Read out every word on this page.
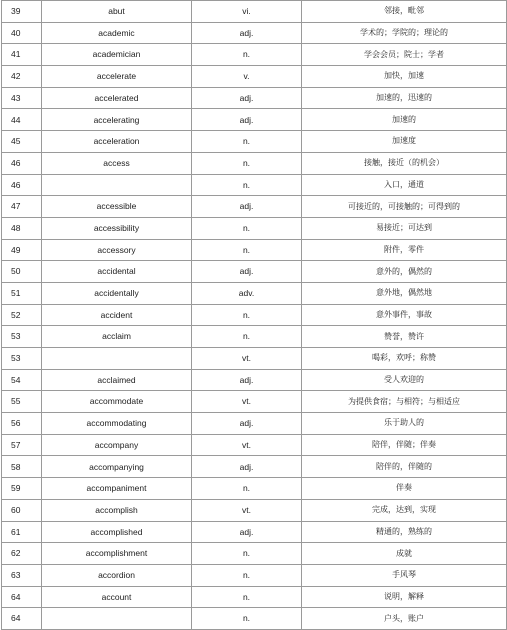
39	abut	vi.	邻接，毗邻
40	academic	adj.	学术的；学院的；理论的
41	academician	n.	学会会员；院士；学者
42	accelerate	v.	加快，加速
43	accelerated	adj.	加速的，迅速的
44	accelerating	adj.	加速的
45	acceleration	n.	加速度
46	access	n.	接触，接近（的机会）
46		n.	入口，通道
47	accessible	adj.	可接近的，可接触的；可得到的
48	accessibility	n.	易接近；可达到
49	accessory	n.	附件，零件
50	accidental	adj.	意外的，偶然的
51	accidentally	adv.	意外地，偶然地
52	accident	n.	意外事件，事故
53	acclaim	n.	赞誉，赞许
53		vt.	喝彩，欢呼；称赞
54	acclaimed	adj.	受人欢迎的
55	accommodate	vt.	为提供食宿；与相符；与相适应
56	accommodating	adj.	乐于助人的
57	accompany	vt.	陪伴，伴随；伴奏
58	accompanying	adj.	陪伴的，伴随的
59	accompaniment	n.	伴奏
60	accomplish	vt.	完成，达到，实现
61	accomplished	adj.	精通的，熟练的
62	accomplishment	n.	成就
63	accordion	n.	手风琴
64	account	n.	说明，解释
64		n.	户头，账户
